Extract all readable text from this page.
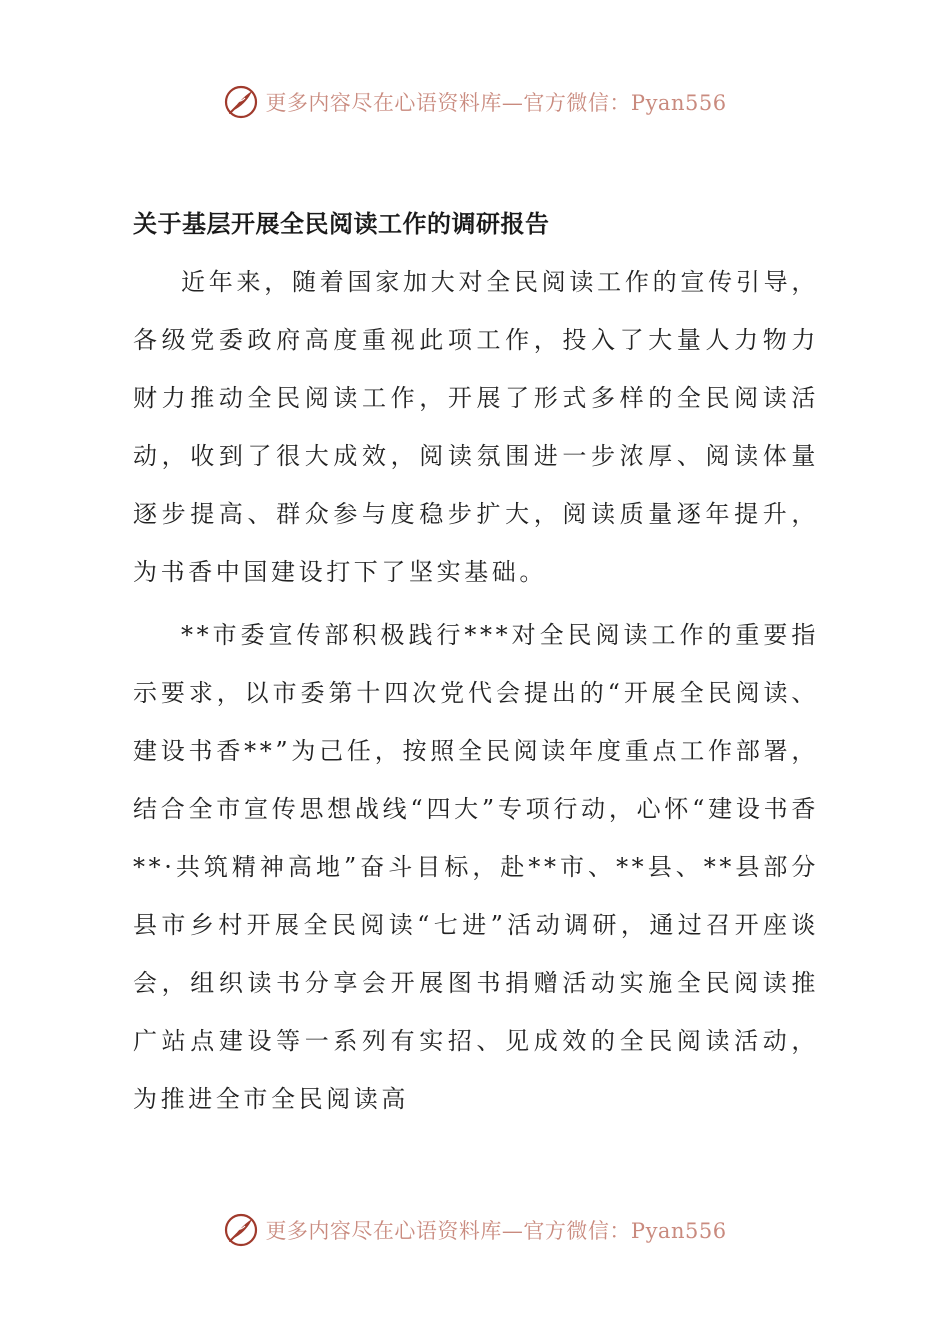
更多内容尽在心语资料库—官方微信：Pyan556
关于基层开展全民阅读工作的调研报告

近年来，随着国家加大对全民阅读工作的宣传引导，各级党委政府高度重视此项工作，投入了大量人力物力财力推动全民阅读工作，开展了形式多样的全民阅读活动，收到了很大成效，阅读氛围进一步浓厚、阅读体量逐步提高、群众参与度稳步扩大，阅读质量逐年提升，为书香中国建设打下了坚实基础。

**市委宣传部积极践行***对全民阅读工作的重要指示要求，以市委第十四次党代会提出的“开展全民阅读、建设书香**”为己任，按照全民阅读年度重点工作部署，结合全市宣传思想战线“四大”专项行动，心怀“建设书香**·共筑精神高地”奋斗目标，赴**市、**县、**县部分县市乡村开展全民阅读“七进”活动调研，通过召开座谈会，组织读书分享会开展图书捐赠活动实施全民阅读推广站点建设等一系列有实招、见成效的全民阅读活动，为推进全市全民阅读高

更多内容尽在心语资料库—官方微信：Pyan556
